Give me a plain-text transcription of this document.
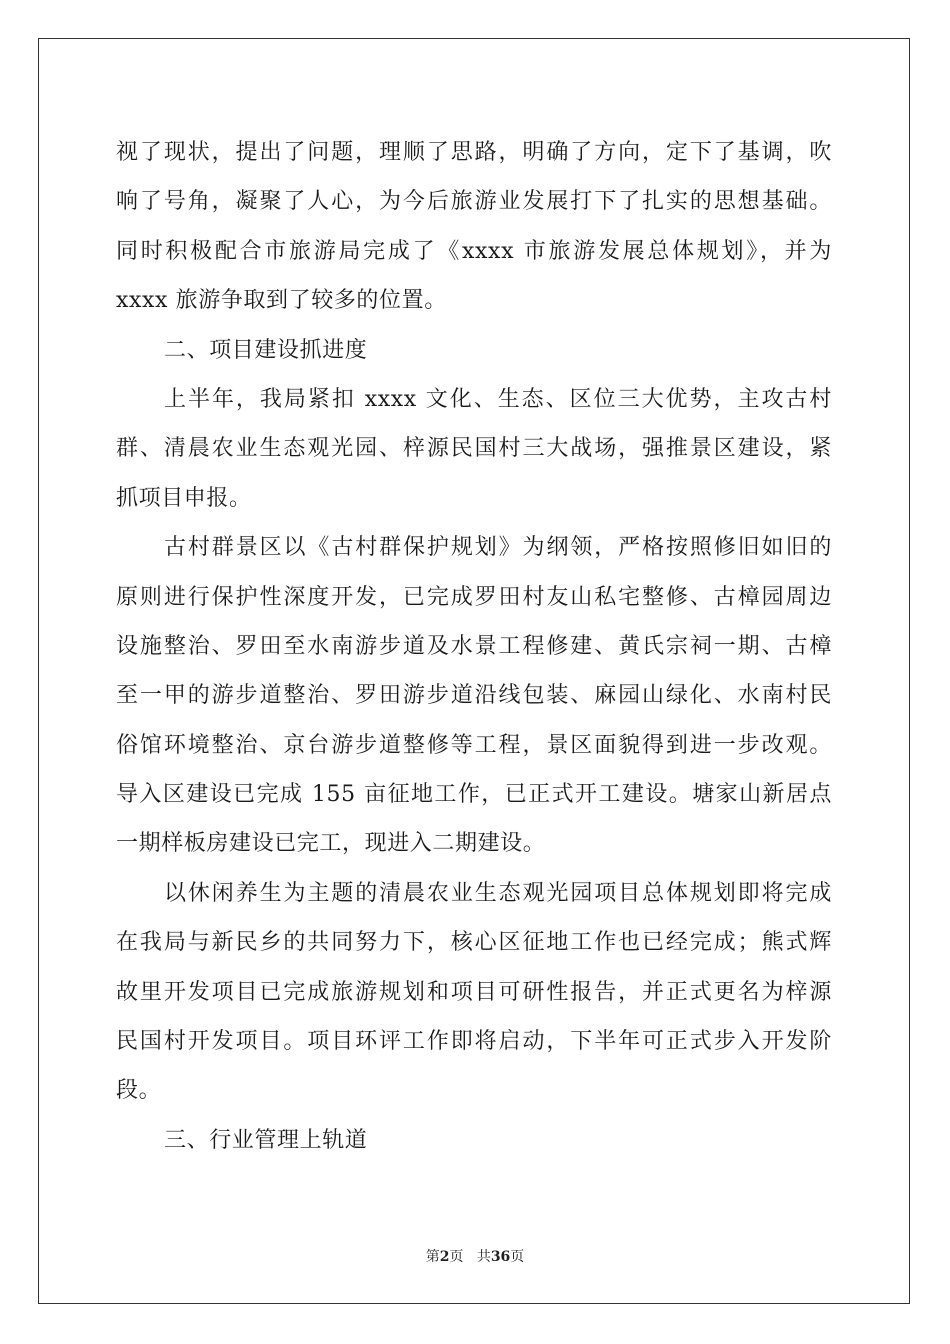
视了现状，提出了问题，理顺了思路，明确了方向，定下了基调，吹
响了号角，凝聚了人心，为今后旅游业发展打下了扎实的思想基础。
同时积极配合市旅游局完成了《xxxx 市旅游发展总体规划》，并为
xxxx 旅游争取到了较多的位置。
二、项目建设抓进度
上半年，我局紧扣 xxxx 文化、生态、区位三大优势，主攻古村
群、清晨农业生态观光园、梓源民国村三大战场，强推景区建设，紧
抓项目申报。
古村群景区以《古村群保护规划》为纲领，严格按照修旧如旧的
原则进行保护性深度开发，已完成罗田村友山私宅整修、古樟园周边
设施整治、罗田至水南游步道及水景工程修建、黄氏宗祠一期、古樟
至一甲的游步道整治、罗田游步道沿线包装、麻园山绿化、水南村民
俗馆环境整治、京台游步道整修等工程，景区面貌得到进一步改观。
导入区建设已完成 155 亩征地工作，已正式开工建设。塘家山新居点
一期样板房建设已完工，现进入二期建设。
以休闲养生为主题的清晨农业生态观光园项目总体规划即将完成
在我局与新民乡的共同努力下，核心区征地工作也已经完成；熊式辉
故里开发项目已完成旅游规划和项目可研性报告，并正式更名为梓源
民国村开发项目。项目环评工作即将启动，下半年可正式步入开发阶
段。
三、行业管理上轨道
第2页 共36页
